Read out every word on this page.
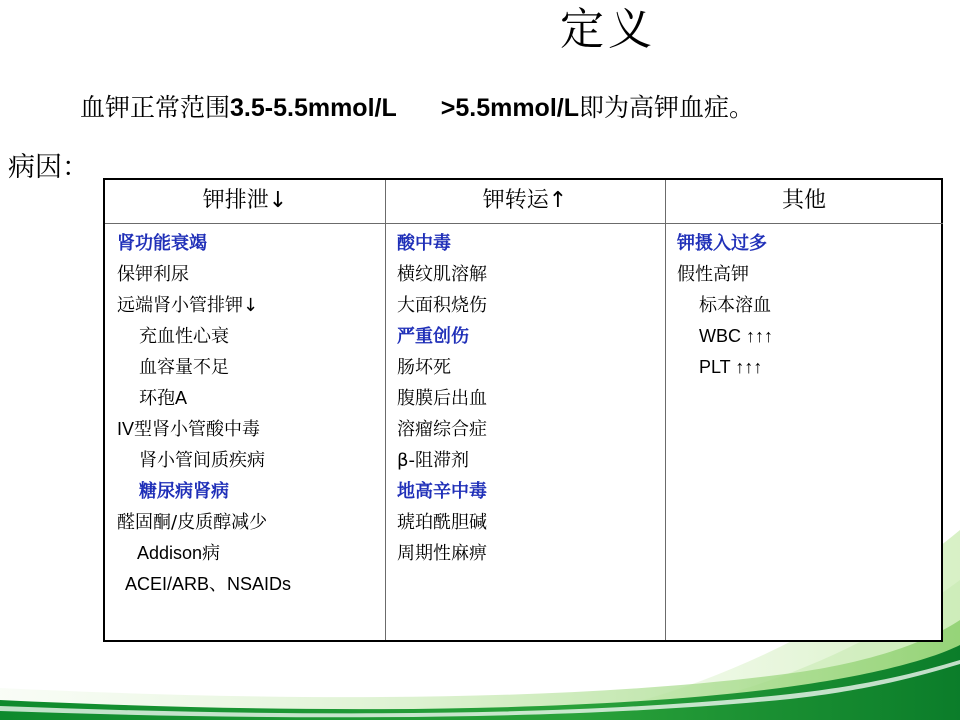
定义
血钾正常范围3.5-5.5mmol/L >5.5mmol/L即为高钾血症。
病因：
钾排泄↓	钾转运↑	其他
肾功能衰竭
保钾利尿
远端肾小管排钾↓
充血性心衰
血容量不足
环孢A
IV型肾小管酸中毒
肾小管间质疾病
糖尿病肾病
醛固酮/皮质醇减少
Addison病
ACEI/ARB、NSAIDs
酸中毒
横纹肌溶解
大面积烧伤
严重创伤
肠坏死
腹膜后出血
溶瘤综合症
β-阻滞剂
地高辛中毒
琥珀酰胆碱
周期性麻痹
钾摄入过多
假性高钾
标本溶血
WBC ↑↑↑
PLT ↑↑↑
